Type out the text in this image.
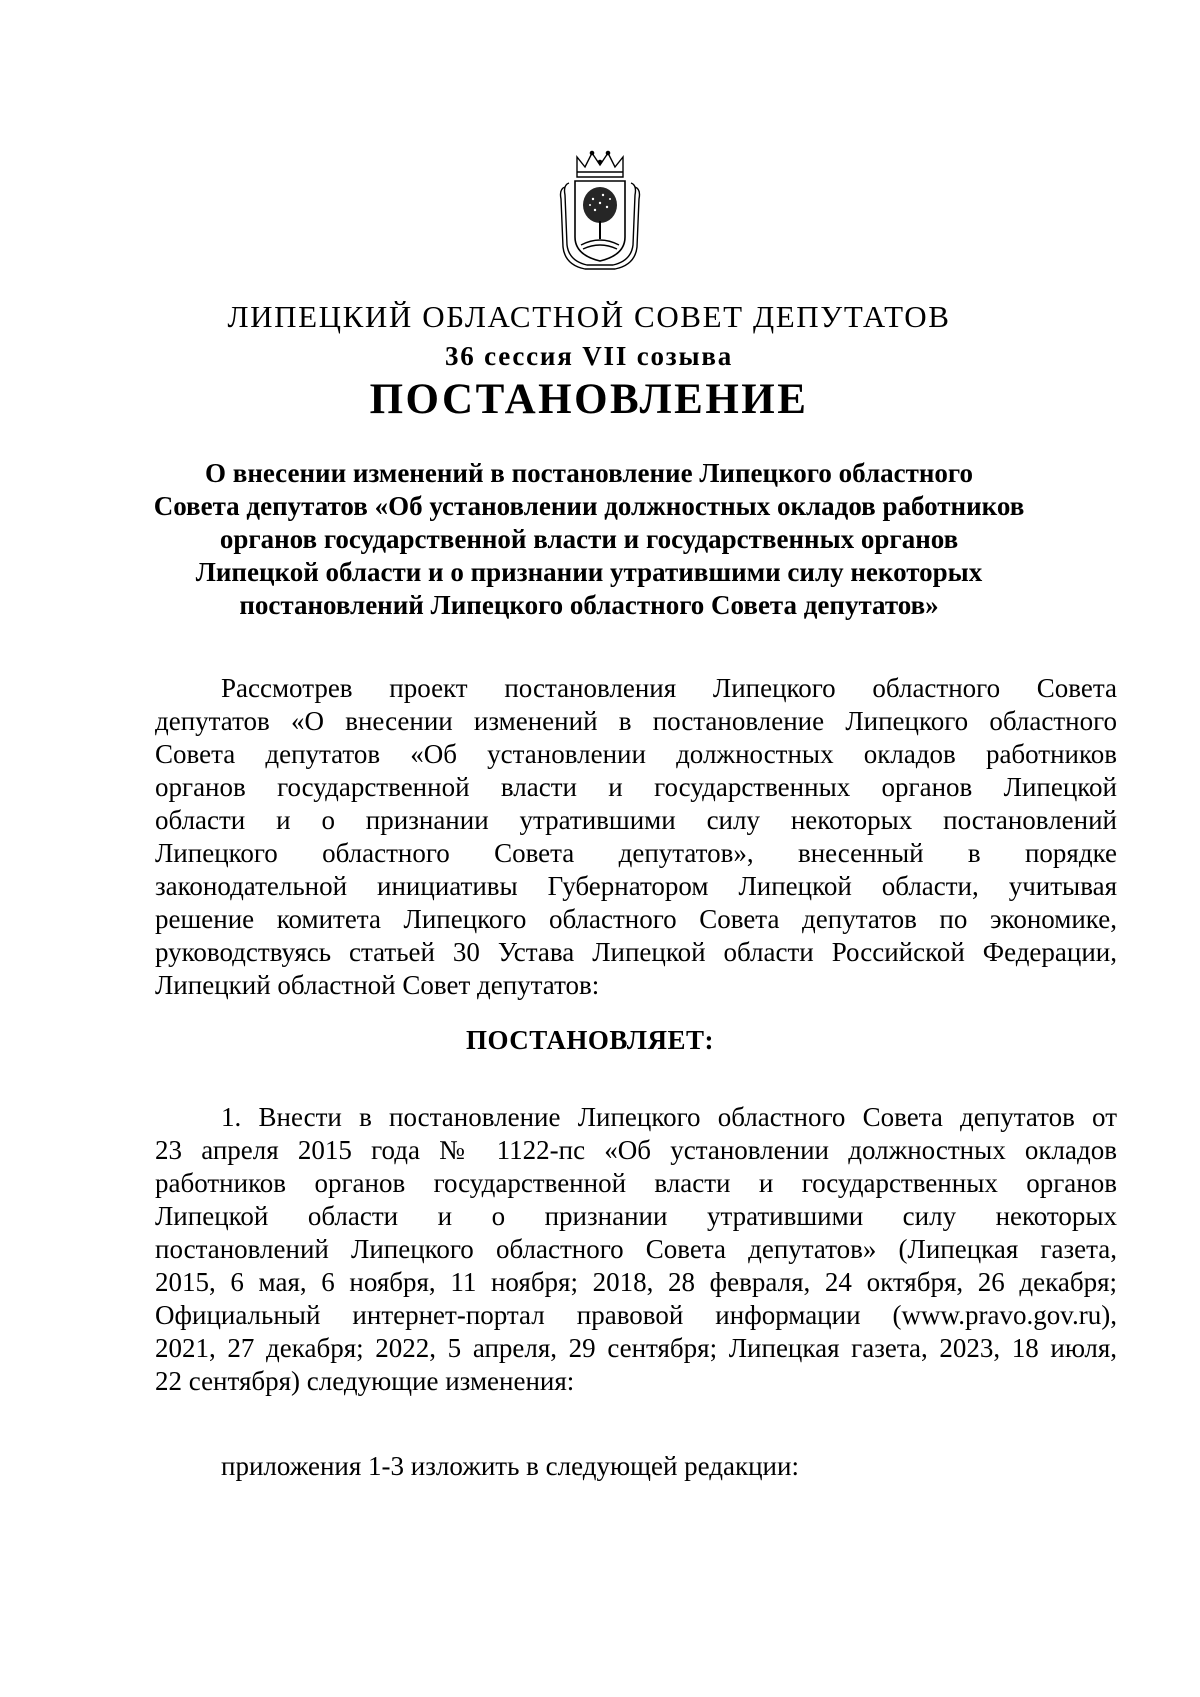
ЛИПЕЦКИЙ ОБЛАСТНОЙ СОВЕТ ДЕПУТАТОВ
36 сессия VII созыва
ПОСТАНОВЛЕНИЕ
О внесении изменений в постановление Липецкого областного
Совета депутатов «Об установлении должностных окладов работников
органов государственной власти и государственных органов
Липецкой области и о признании утратившими силу некоторых
постановлений Липецкого областного Совета депутатов»
Рассмотрев проект постановления Липецкого областного Совета
депутатов «О внесении изменений в постановление Липецкого областного
Совета депутатов «Об установлении должностных окладов работников
органов государственной власти и государственных органов Липецкой
области и о признании утратившими силу некоторых постановлений
Липецкого областного Совета депутатов», внесенный в порядке
законодательной инициативы Губернатором Липецкой области, учитывая
решение комитета Липецкого областного Совета депутатов по экономике,
руководствуясь статьей 30 Устава Липецкой области Российской Федерации,
Липецкий областной Совет депутатов:
ПОСТАНОВЛЯЕТ:
1. Внести в постановление Липецкого областного Совета депутатов от
23 апреля 2015 года № 1122-пс «Об установлении должностных окладов
работников органов государственной власти и государственных органов
Липецкой области и о признании утратившими силу некоторых
постановлений Липецкого областного Совета депутатов» (Липецкая газета,
2015, 6 мая, 6 ноября, 11 ноября; 2018, 28 февраля, 24 октября, 26 декабря;
Официальный интернет-портал правовой информации (www.pravo.gov.ru),
2021, 27 декабря; 2022, 5 апреля, 29 сентября; Липецкая газета, 2023, 18 июля,
22 сентября) следующие изменения:
приложения 1-3 изложить в следующей редакции:
